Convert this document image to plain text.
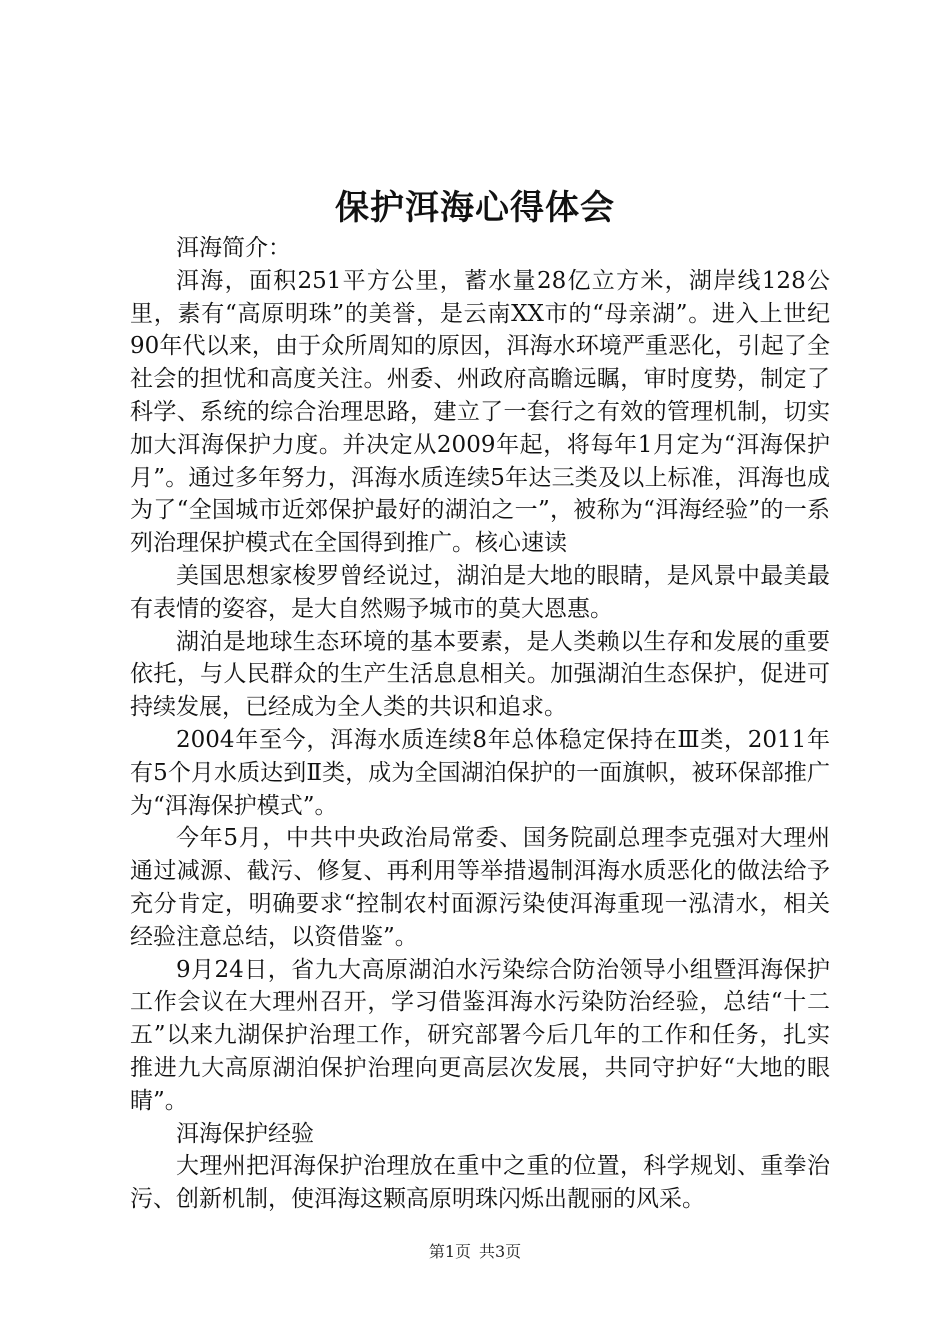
保护洱海心得体会

洱海简介：

洱海，面积251平方公里，蓄水量28亿立方米，湖岸线128公里，素有“高原明珠”的美誉，是云南XX市的“母亲湖”。进入上世纪90年代以来，由于众所周知的原因，洱海水环境严重恶化，引起了全社会的担忧和高度关注。州委、州政府高瞻远瞩，审时度势，制定了科学、系统的综合治理思路，建立了一套行之有效的管理机制，切实加大洱海保护力度。并决定从2009年起，将每年1月定为“洱海保护月”。通过多年努力，洱海水质连续5年达三类及以上标准，洱海也成为了“全国城市近郊保护最好的湖泊之一”，被称为“洱海经验”的一系列治理保护模式在全国得到推广。核心速读

美国思想家梭罗曾经说过，湖泊是大地的眼睛，是风景中最美最有表情的姿容，是大自然赐予城市的莫大恩惠。

湖泊是地球生态环境的基本要素，是人类赖以生存和发展的重要依托，与人民群众的生产生活息息相关。加强湖泊生态保护，促进可持续发展，已经成为全人类的共识和追求。

2004年至今，洱海水质连续8年总体稳定保持在Ⅲ类，2011年有5个月水质达到Ⅱ类，成为全国湖泊保护的一面旗帜，被环保部推广为“洱海保护模式”。

今年5月，中共中央政治局常委、国务院副总理李克强对大理州通过减源、截污、修复、再利用等举措遏制洱海水质恶化的做法给予充分肯定，明确要求“控制农村面源污染使洱海重现一泓清水，相关经验注意总结，以资借鉴”。

9月24日，省九大高原湖泊水污染综合防治领导小组暨洱海保护工作会议在大理州召开，学习借鉴洱海水污染防治经验，总结“十二五”以来九湖保护治理工作，研究部署今后几年的工作和任务，扎实推进九大高原湖泊保护治理向更高层次发展，共同守护好“大地的眼睛”。

洱海保护经验

大理州把洱海保护治理放在重中之重的位置，科学规划、重拳治污、创新机制，使洱海这颗高原明珠闪烁出靓丽的风采。

第1页 共3页
